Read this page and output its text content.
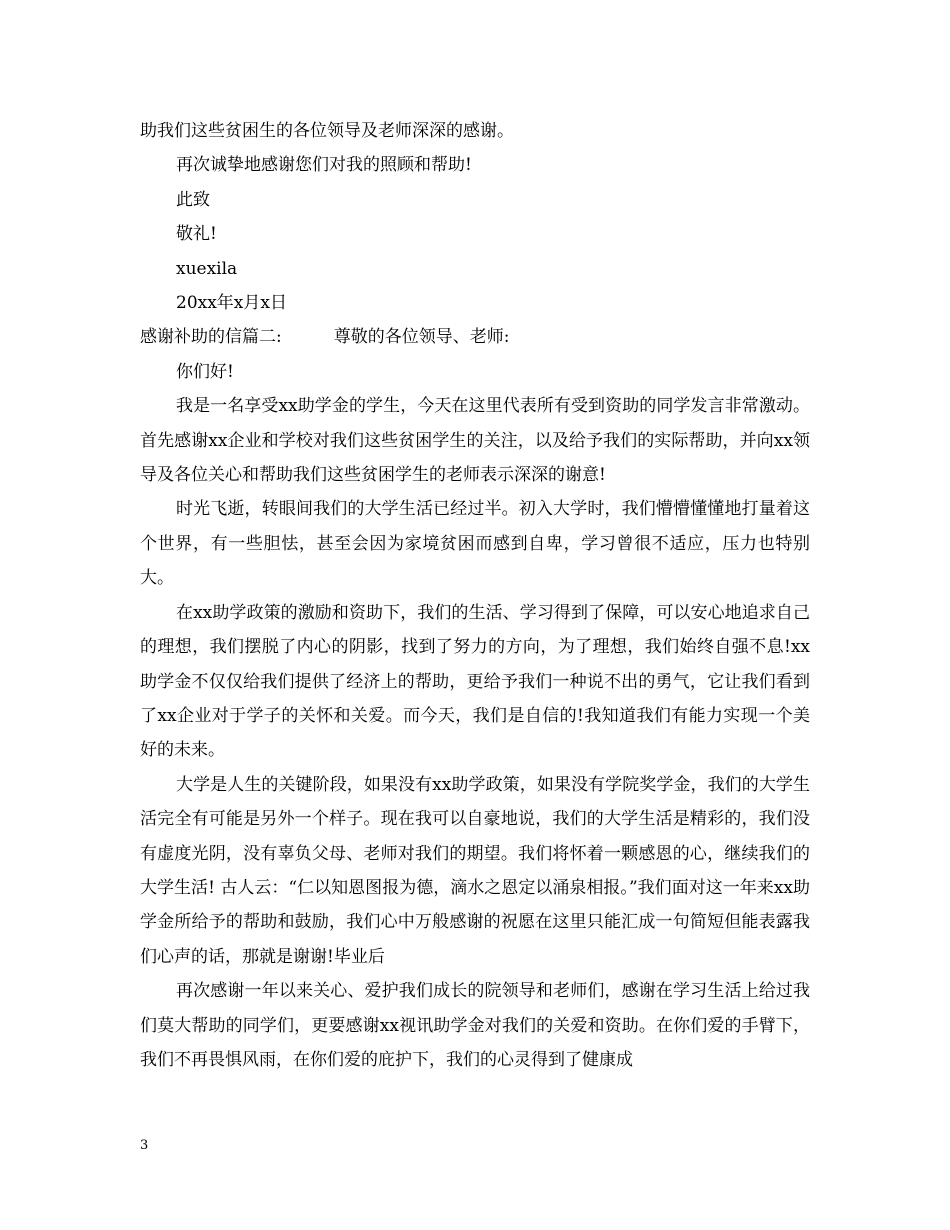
助我们这些贫困生的各位领导及老师深深的感谢。

再次诚挚地感谢您们对我的照顾和帮助!

此致

敬礼!

xuexila

20xx年x月x日

感谢补助的信篇二:	尊敬的各位领导、老师:

你们好!

我是一名享受xx助学金的学生，今天在这里代表所有受到资助的同学发言非常激动。首先感谢xx企业和学校对我们这些贫困学生的关注，以及给予我们的实际帮助，并向xx领导及各位关心和帮助我们这些贫困学生的老师表示深深的谢意!

时光飞逝，转眼间我们的大学生活已经过半。初入大学时，我们懵懵懂懂地打量着这个世界，有一些胆怯，甚至会因为家境贫困而感到自卑，学习曾很不适应，压力也特别大。

在xx助学政策的激励和资助下，我们的生活、学习得到了保障，可以安心地追求自己的理想，我们摆脱了内心的阴影，找到了努力的方向，为了理想，我们始终自强不息!xx助学金不仅仅给我们提供了经济上的帮助，更给予我们一种说不出的勇气，它让我们看到了xx企业对于学子的关怀和关爱。而今天，我们是自信的!我知道我们有能力实现一个美好的未来。

大学是人生的关键阶段，如果没有xx助学政策，如果没有学院奖学金，我们的大学生活完全有可能是另外一个样子。现在我可以自豪地说，我们的大学生活是精彩的，我们没有虚度光阴，没有辜负父母、老师对我们的期望。我们将怀着一颗感恩的心，继续我们的大学生活! 古人云：“仁以知恩图报为德，滴水之恩定以涌泉相报。”我们面对这一年来xx助学金所给予的帮助和鼓励，我们心中万般感谢的祝愿在这里只能汇成一句简短但能表露我们心声的话，那就是谢谢!毕业后

再次感谢一年以来关心、爱护我们成长的院领导和老师们，感谢在学习生活上给过我们莫大帮助的同学们，更要感谢xx视讯助学金对我们的关爱和资助。在你们爱的手臂下，我们不再畏惧风雨，在你们爱的庇护下，我们的心灵得到了健康成

3
